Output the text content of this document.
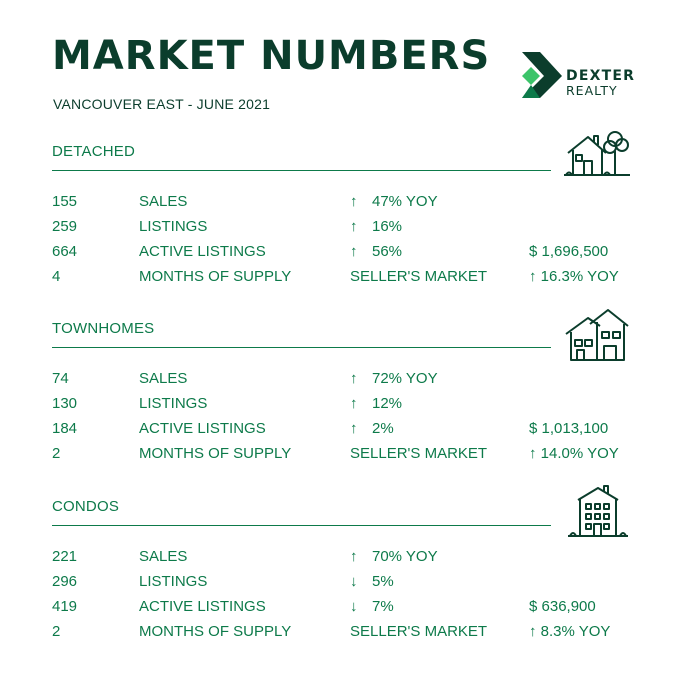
MARKET NUMBERS
VANCOUVER EAST - JUNE 2021
DEXTER
REALTY
DETACHED
155	SALES	↑ 47% YOY
259	LISTINGS	↑ 16%
664	ACTIVE LISTINGS	↑ 56%	$ 1,696,500
4	MONTHS OF SUPPLY	SELLER'S MARKET	↑ 16.3% YOY
TOWNHOMES
74	SALES	↑ 72% YOY
130	LISTINGS	↑ 12%
184	ACTIVE LISTINGS	↑ 2%	$ 1,013,100
2	MONTHS OF SUPPLY	SELLER'S MARKET	↑ 14.0% YOY
CONDOS
221	SALES	↑ 70% YOY
296	LISTINGS	↓ 5%
419	ACTIVE LISTINGS	↓ 7%	$ 636,900
2	MONTHS OF SUPPLY	SELLER'S MARKET	↑ 8.3% YOY
